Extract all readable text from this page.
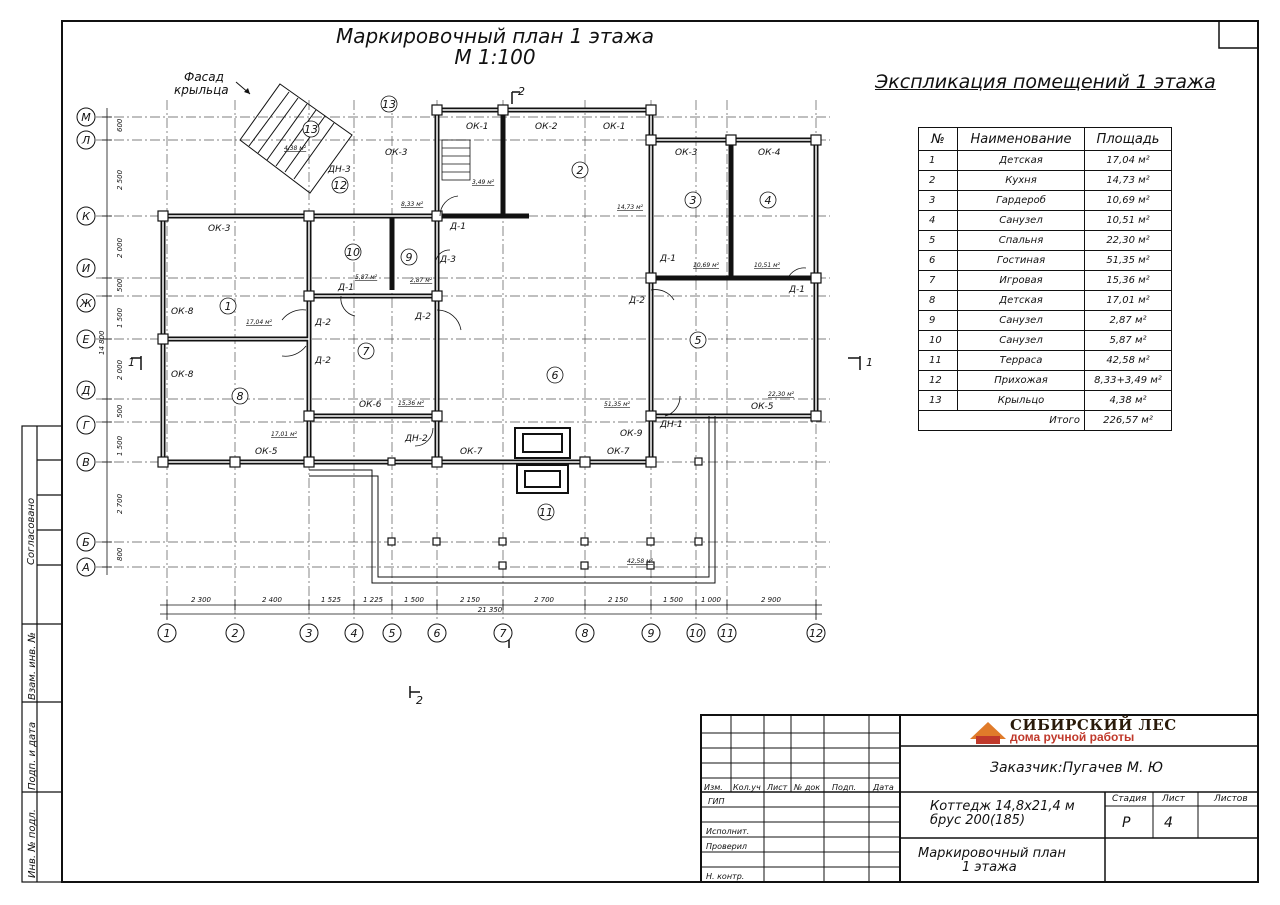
600
2 500
2 000
500
1 500
2 000
500
1 500
2 700
800
14 800
М
Л
К
И
Ж
Е
Д
Г
В
Б
А
2 300	2 400	1 525	1 225	1 500	2 150	2 700	2 150	1 500	1 000	2 900
21 350
1	2	3	4	5	6	7	8	9	10 11	12
1	1
2
2
Фасад
крыльца
1
2
3	4
5
6
7
8
9
10
11
12
13
13
17,04 м²
14,73 м²
10,69 м²	10,51 м²
22,30 м²
51,35 м²
15,36 м²
17,01 м²
2,87 м²
5,87 м²
42,58 м²
8,33 м²
3,49 м²
4,38 м²
ОК-1	ОК-2	ОК-1
ОК-3	ОК-3	ОК-4
ОК-3
ОК-8
ОК-8
ОК-5
ОК-5
ОК-6
ОК-7	ОК-7
ОК-9
ДН-3
ДН-2
ДН-1
Д-1
Д-1
Д-1
Д-1
Д-2
Д-2
Д-2
Д-2
Д-3
Изм. Кол.уч Лист № док Подп. Дата
ГИП
Исполнит.
Проверил
Н. контр.
Маркировочный план 1 этажа
М 1:100
Экспликация помещений 1 этажа
№	Наименование	Площадь
1	Детская	17,04 м²
2	Кухня	14,73 м²
3	Гардероб	10,69 м²
4	Санузел	10,51 м²
5	Спальня	22,30 м²
6	Гостиная	51,35 м²
7	Игровая	15,36 м²
8	Детская	17,01 м²
9	Санузел	2,87 м²
10	Санузел	5,87 м²
11	Терраса	42,58 м²
12	Прихожая	8,33+3,49 м²
13	Крыльцо	4,38 м²
	Итого	226,57 м²
Согласовано
Взам. инв. №
Подп. и дата
Инв. № подл.
СИБИРСКИЙ ЛЕС
дома ручной работы
Заказчик:Пугачев М. Ю
Коттедж 14,8х21,4 м
брус 200(185)
Стадия Лист	Листов
Р 4
Маркировочный план
1 этажа
